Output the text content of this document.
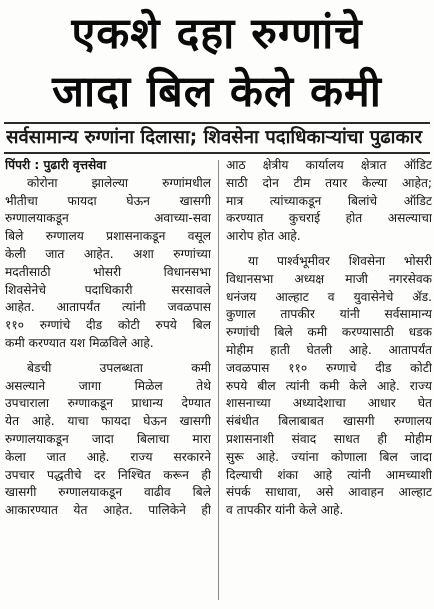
एकशे दहा रुग्णांचे
जादा बिल केले कमी
सर्वसामान्य रुग्णांना दिलासा; शिवसेना पदाधिकाऱ्यांचा पुढाकार
पिंपरी : पुढारी वृत्तसेवा
कोरोना झालेल्या रुग्णांमधील
भीतीचा फायदा घेऊन खासगी
रुग्णालयाकडून अवाच्या-सवा
बिले रुग्णालय प्रशासनाकडून वसूल
केली जात आहेत. अशा रुग्णांच्या
मदतीसाठी भोसरी विधानसभा
शिवसेनेचे पदाधिकारी सरसावले
आहेत. आतापर्यंत त्यांनी जवळपास
११० रुग्णांचे दीड कोटी रुपये बिल
कमी करण्यात यश मिळविले आहे.
बेडची उपलब्धता कमी
असल्याने जागा मिळेल तेथे
उपचाराला रुग्णाकडून प्राधान्य देण्यात
येत आहे. याचा फायदा घेऊन खासगी
रुग्णालयाकडून जादा बिलाचा मारा
केला जात आहे. राज्य सरकारने
उपचार पद्धतीचे दर निश्चित करून ही
खासगी रुग्णालयाकडून वाढीव बिले
आकारण्यात येत आहेत. पालिकेने ही
आठ क्षेत्रीय कार्यालय क्षेत्रात ऑडिट
साठी दोन टीम तयार केल्या आहेत;
मात्र त्यांच्याकडून बिलांचे ऑडिट
करण्यात कुचराई होत असल्याचा
आरोप होत आहे.
या पार्श्वभूमीवर शिवसेना भोसरी
विधानसभा अध्यक्ष माजी नगरसेवक
धनंजय आल्हाट व युवासेनेचे ॲड.
कुणाल तापकीर यांनी सर्वसामान्य
रुग्णांची बिले कमी करण्यासाठी धडक
मोहीम हाती घेतली आहे. आतापर्यंत
जवळपास ११० रुग्णाचे दीड कोटी
रुपये बील त्यांनी कमी केले आहे. राज्य
शासनाच्या अध्यादेशाचा आधार घेत
संबंधीत बिलाबाबत खासगी रुग्णालय
प्रशासनाशी संवाद साधत ही मोहीम
सुरू आहे. ज्यांना कोणाला बिल जादा
दिल्याची शंका आहे त्यांनी आमच्याशी
संपर्क साधावा, असे आवाहन आल्हाट
व तापकीर यांनी केले आहे.
